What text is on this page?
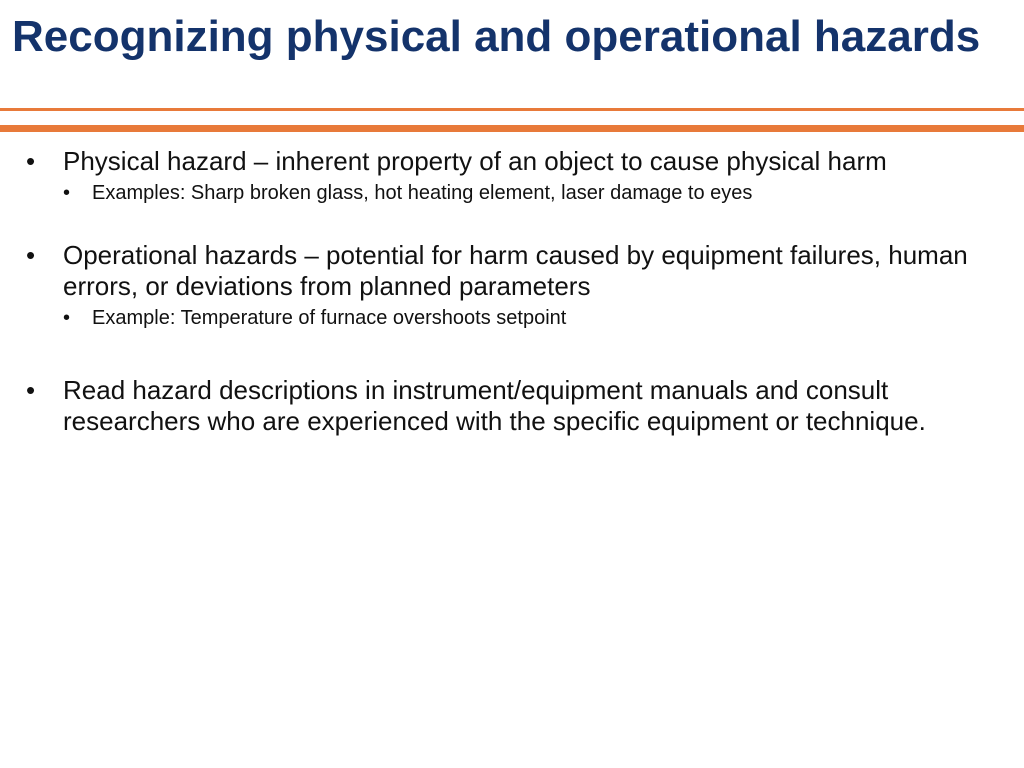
Recognizing physical and operational hazards
• Physical hazard – inherent property of an object to cause physical harm
• Examples: Sharp broken glass, hot heating element, laser damage to eyes
• Operational hazards – potential for harm caused by equipment failures, human errors, or deviations from planned parameters
• Example: Temperature of furnace overshoots setpoint
• Read hazard descriptions in instrument/equipment manuals and consult researchers who are experienced with the specific equipment or technique.
